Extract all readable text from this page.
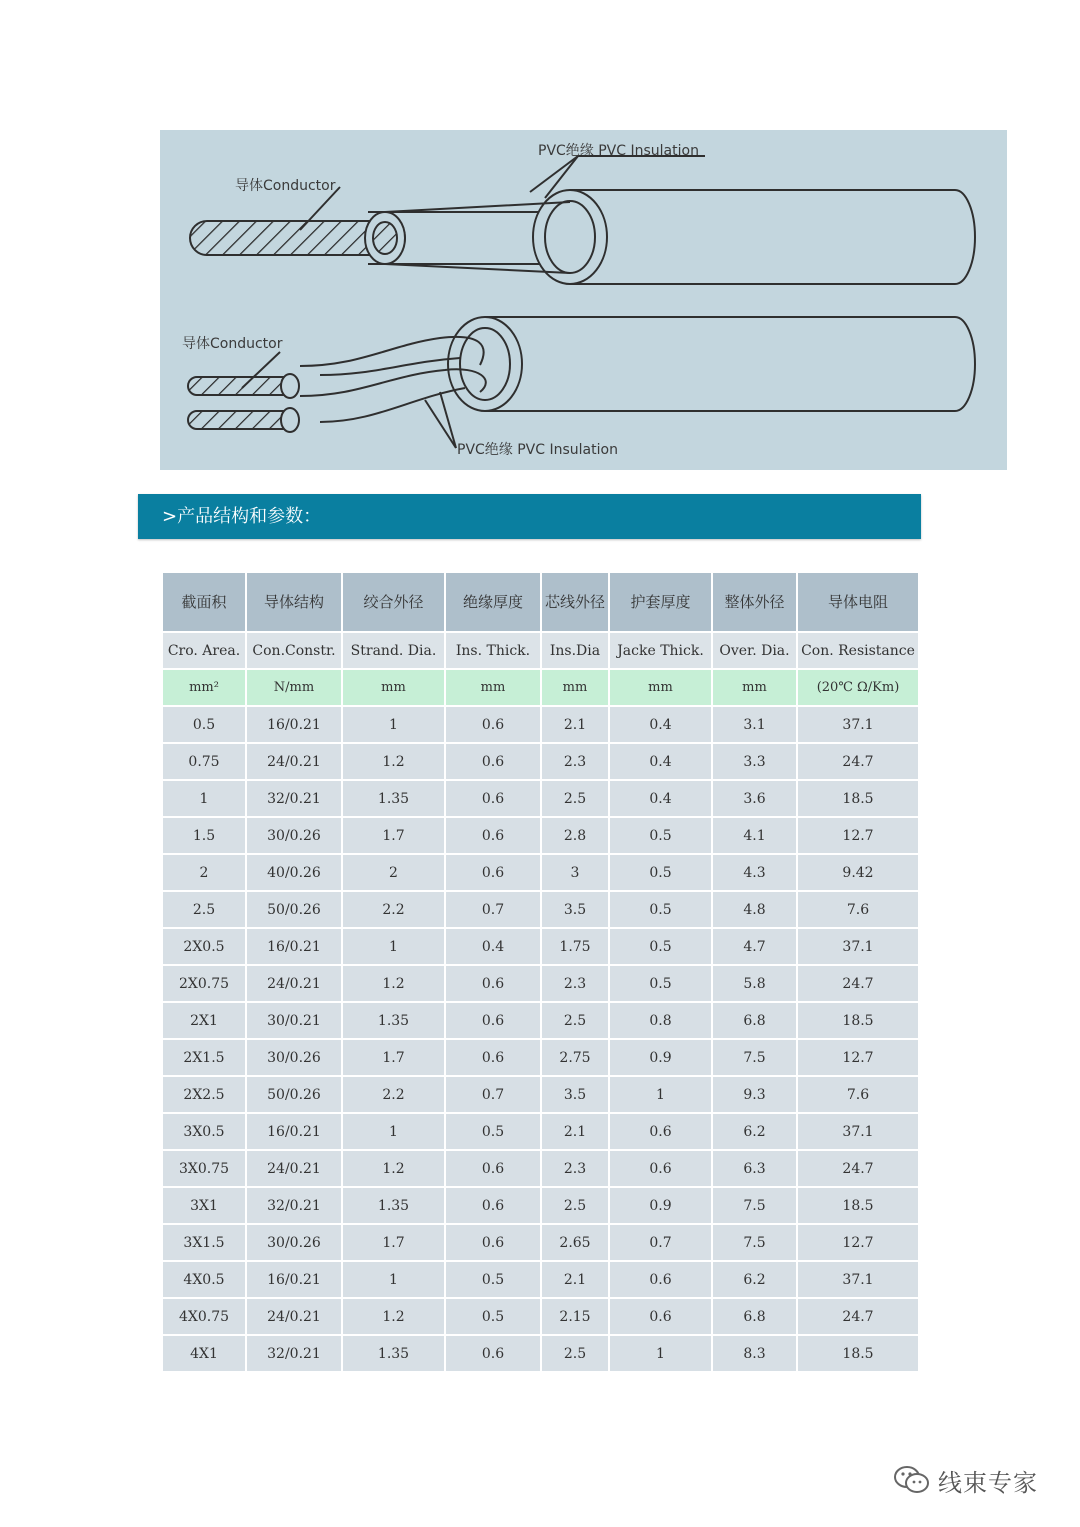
导体Conductor
PVC绝缘 PVC Insulation
导体Conductor
PVC绝缘 PVC Insulation
>产品结构和参数：
截面积	导体结构	绞合外径	绝缘厚度	芯线外径	护套厚度	整体外径	导体电阻
Cro. Area.	Con.Constr.	Strand. Dia.	Ins. Thick.	Ins.Dia	Jacke Thick.	Over. Dia.	Con. Resistance
mm²	N/mm	mm	mm	mm	mm	mm	(20℃ Ω/Km)
0.5	16/0.21	1	0.6	2.1	0.4	3.1	37.1
0.75	24/0.21	1.2	0.6	2.3	0.4	3.3	24.7
1	32/0.21	1.35	0.6	2.5	0.4	3.6	18.5
1.5	30/0.26	1.7	0.6	2.8	0.5	4.1	12.7
2	40/0.26	2	0.6	3	0.5	4.3	9.42
2.5	50/0.26	2.2	0.7	3.5	0.5	4.8	7.6
2X0.5	16/0.21	1	0.4	1.75	0.5	4.7	37.1
2X0.75	24/0.21	1.2	0.6	2.3	0.5	5.8	24.7
2X1	30/0.21	1.35	0.6	2.5	0.8	6.8	18.5
2X1.5	30/0.26	1.7	0.6	2.75	0.9	7.5	12.7
2X2.5	50/0.26	2.2	0.7	3.5	1	9.3	7.6
3X0.5	16/0.21	1	0.5	2.1	0.6	6.2	37.1
3X0.75	24/0.21	1.2	0.6	2.3	0.6	6.3	24.7
3X1	32/0.21	1.35	0.6	2.5	0.9	7.5	18.5
3X1.5	30/0.26	1.7	0.6	2.65	0.7	7.5	12.7
4X0.5	16/0.21	1	0.5	2.1	0.6	6.2	37.1
4X0.75	24/0.21	1.2	0.5	2.15	0.6	6.8	24.7
4X1	32/0.21	1.35	0.6	2.5	1	8.3	18.5
线束专家
